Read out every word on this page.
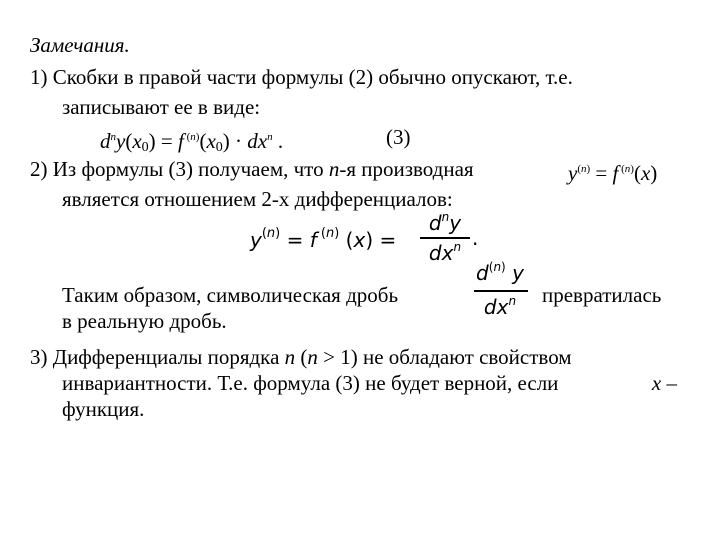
Замечания.
1) Скобки в правой части формулы (2) обычно опускают, т.е.
записывают ее в виде:
$d^ny(x_0) = f$ $^{(n)}(x_0) \cdot dx^n$ .	(3)
2) Из формулы (3) получаем, что n-я производная	$y^{(n)} = f$ $^{(n)}$(x)
является отношением 2-х дифференциалов:
$y^{(n)} = f$ $^{(n)}$ (x) =
$d^ny$
$dx^n$ .
Таким образом, символическая дробь
$d^{(n)}$ y
$dx^n$	превратилась
в реальную дробь.
3) Дифференциалы порядка n (n > 1) не обладают свойством
инвариантности. Т.е. формула (3) не будет верной, если	x –
функция.
